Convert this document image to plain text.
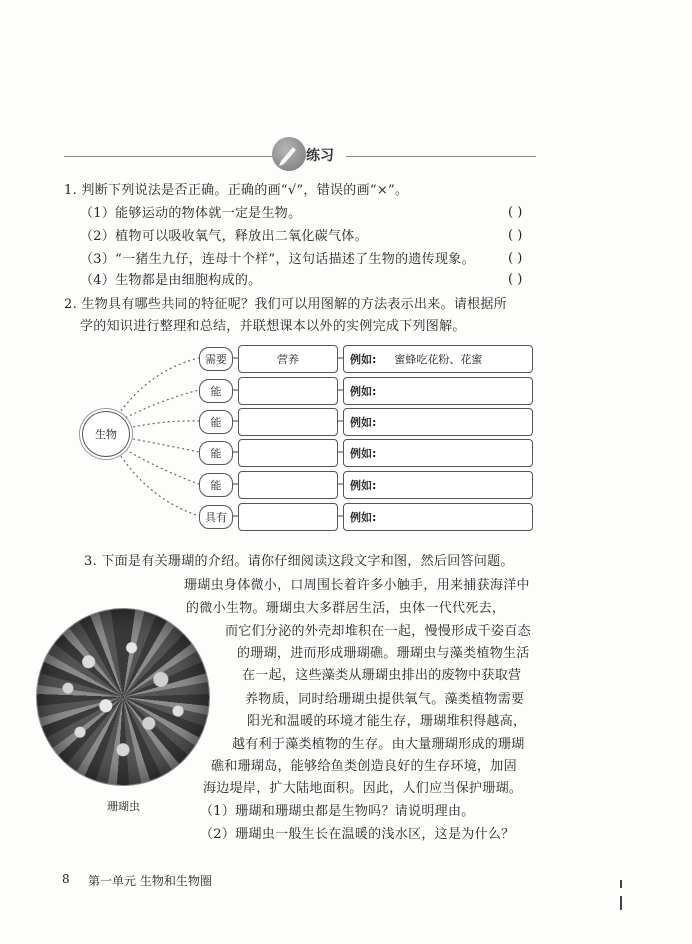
练习
1. 判断下列说法是否正确。正确的画“√”，错误的画“×”。
（1）能够运动的物体就一定是生物。	( )
（2）植物可以吸收氧气，释放出二氧化碳气体。	( )
（3）“一猪生九仔，连母十个样”，这句话描述了生物的遗传现象。	( )
（4）生物都是由细胞构成的。	( )
2. 生物具有哪些共同的特征呢？我们可以用图解的方法表示出来。请根据所
学的知识进行整理和总结，并联想课本以外的实例完成下列图解。
生物
需要	营养	例如: 蜜蜂吃花粉、花蜜
能	例如:
能	例如:
能	例如:
能	例如:
具有	例如:
3. 下面是有关珊瑚的介绍。请你仔细阅读这段文字和图，然后回答问题。
珊瑚虫
珊瑚虫身体微小，口周围长着许多小触手，用来捕获海洋中
的微小生物。珊瑚虫大多群居生活，虫体一代代死去，
而它们分泌的外壳却堆积在一起，慢慢形成千姿百态
的珊瑚，进而形成珊瑚礁。珊瑚虫与藻类植物生活
在一起，这些藻类从珊瑚虫排出的废物中获取营
养物质，同时给珊瑚虫提供氧气。藻类植物需要
阳光和温暖的环境才能生存，珊瑚堆积得越高，
越有利于藻类植物的生存。由大量珊瑚形成的珊瑚
礁和珊瑚岛，能够给鱼类创造良好的生存环境，加固
海边堤岸，扩大陆地面积。因此，人们应当保护珊瑚。
（1）珊瑚和珊瑚虫都是生物吗？请说明理由。
（2）珊瑚虫一般生长在温暖的浅水区，这是为什么？
8 第一单元 生物和生物圈
